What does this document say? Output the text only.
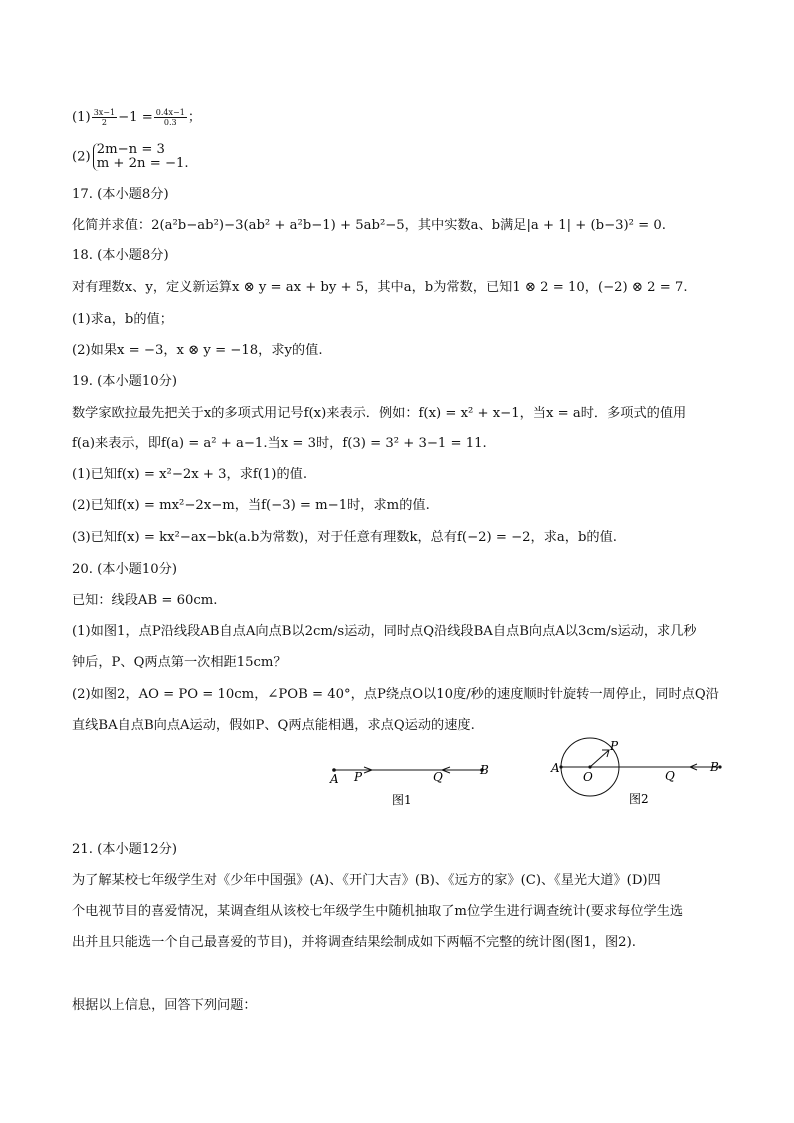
$(1) \frac{3x-1}{2} -1 = \frac{0.4x-1}{0.3}$ ；
(2) 2m−n = 3
m + 2n = −1.
17. (本小题8分)
化简并求值：2(a²b−ab²)−3(ab² + a²b−1) + 5ab²−5，其中实数a、b满足|a + 1| + (b−3)² = 0.
18. (本小题8分)
对有理数x、y，定义新运算x ⊗ y = ax + by + 5，其中a，b为常数，已知1 ⊗ 2 = 10，(−2) ⊗ 2 = 7.
(1)求a，b的值；
(2)如果x = −3，x ⊗ y = −18，求y的值.
19. (本小题10分)
数学家欧拉最先把关于x的多项式用记号f(x)来表示．例如：f(x) = x² + x−1，当x = a时．多项式的值用
f(a)来表示，即f(a) = a² + a−1.当x = 3时，f(3) = 3² + 3−1 = 11.
(1)已知f(x) = x²−2x + 3，求f(1)的值.
(2)已知f(x) = mx²−2x−m，当f(−3) = m−1时，求m的值.
(3)已知f(x) = kx²−ax−bk(a.b为常数)，对于任意有理数k，总有f(−2) = −2，求a，b的值.
20. (本小题10分)
已知：线段AB = 60cm.
(1)如图1，点P沿线段AB自点A向点B以2cm/s运动，同时点Q沿线段BA自点B向点A以3cm/s运动，求几秒
钟后，P、Q两点第一次相距15cm？
(2)如图2，AO = PO = 10cm，∠POB = 40°，点P绕点O以10度/秒的速度顺时针旋转一周停止，同时点Q沿
直线BA自点B向点A运动，假如P、Q两点能相遇，求点Q运动的速度.
A P	Q	B
图1
A
O
P
Q
B
图2
21. (本小题12分)
为了解某校七年级学生对《少年中国强》(A)、《开门大吉》(B)、《远方的家》(C)、《星光大道》(D)四
个电视节目的喜爱情况，某调查组从该校七年级学生中随机抽取了m位学生进行调查统计(要求每位学生选
出并且只能选一个自己最喜爱的节目)，并将调查结果绘制成如下两幅不完整的统计图(图1，图2).
根据以上信息，回答下列问题：
